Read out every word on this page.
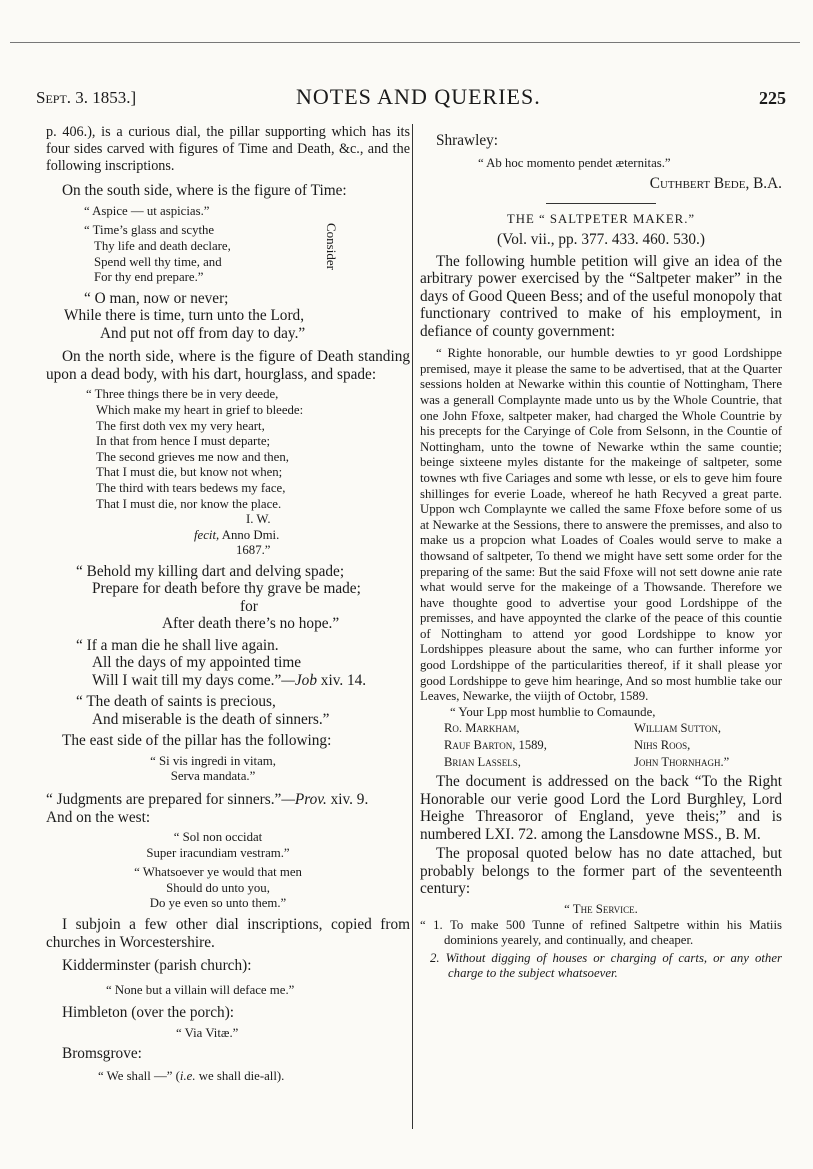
Sept. 3. 1853.]	NOTES AND QUERIES.	225

p. 406.), is a curious dial, the pillar supporting which has its four sides carved with figures of Time and Death, &c., and the following inscriptions.

On the south side, where is the figure of Time:

“ Aspice — ut aspicias.”
“ Time’s glass and scythe
Thy life and death declare,
Spend well thy time, and
For thy end prepare.”
Consider
“ O man, now or never;
While there is time, turn unto the Lord,
And put not off from day to day.”

On the north side, where is the figure of Death standing upon a dead body, with his dart, hourglass, and spade:

“ Three things there be in very deede,
Which make my heart in grief to bleede:
The first doth vex my very heart,
In that from hence I must departe;
The second grieves me now and then,
That I must die, but know not when;
The third with tears bedews my face,
That I must die, nor know the place.
I. W.
fecit, Anno Dmi.
1687.”
“ Behold my killing dart and delving spade;
Prepare for death before thy grave be made;
for
After death there’s no hope.”
“ If a man die he shall live again.
All the days of my appointed time
Will I wait till my days come.”—Job xiv. 14.
“ The death of saints is precious,
And miserable is the death of sinners.”

The east side of the pillar has the following:

“ Si vis ingredi in vitam,
Serva mandata.”

“ Judgments are prepared for sinners.”—Prov. xiv. 9.

And on the west:

“ Sol non occidat
Super iracundiam vestram.”
“ Whatsoever ye would that men
Should do unto you,
Do ye even so unto them.”

I subjoin a few other dial inscriptions, copied from churches in Worcestershire.

Kidderminster (parish church):

“ None but a villain will deface me.”

Himbleton (over the porch):

“ Via Vitæ.”

Bromsgrove:

“ We shall —” (i.e. we shall die-all).

Shrawley:

“ Ab hoc momento pendet æternitas.”

Cuthbert Bede, B.A.

THE “ SALTPETER MAKER.”

(Vol. vii., pp. 377. 433. 460. 530.)

The following humble petition will give an idea of the arbitrary power exercised by the “Saltpeter maker” in the days of Good Queen Bess; and of the useful monopoly that functionary contrived to make of his employment, in defiance of county government:

“ Righte honorable, our humble dewties to yr good Lordshippe premised, maye it please the same to be advertised, that at the Quarter sessions holden at Newarke within this countie of Nottingham, There was a generall Complaynte made unto us by the Whole Countrie, that one John Ffoxe, saltpeter maker, had charged the Whole Countrie by his precepts for the Caryinge of Cole from Selsonn, in the Countie of Nottingham, unto the towne of Newarke wthin the same countie; beinge sixteene myles distante for the makeinge of saltpeter, some townes wth five Cariages and some wth lesse, or els to geve him foure shillinges for everie Loade, whereof he hath Recyved a great parte. Uppon wch Complaynte we called the same Ffoxe before some of us at Newarke at the Sessions, there to answere the premisses, and also to make us a propcion what Loades of Coales would serve to make a thowsand of saltpeter, To thend we might have sett some order for the preparing of the same: But the said Ffoxe will not sett downe anie rate what would serve for the makeinge of a Thowsande. Therefore we have thoughte good to advertise your good Lordshippe of the premisses, and have appoynted the clarke of the peace of this countie of Nottingham to attend yor good Lordshippe to know yor Lordshippes pleasure about the same, who can further informe yor good Lordshippe of the particularities thereof, if it shall please yor good Lordshippe to geve him hearinge, And so most humblie take our Leaves, Newarke, the viijth of Octobr, 1589.

“ Your Lpp most humblie to Comaunde,

Ro. Markham,	William Sutton,
Rauf Barton, 1589,	Nihs Roos,
Brian Lassels,	John Thornhagh.”

The document is addressed on the back “To the Right Honorable our verie good Lord the Lord Burghley, Lord Heighe Threasoror of England, yeve theis;” and is numbered LXI. 72. among the Lansdowne MSS., B. M.

The proposal quoted below has no date attached, but probably belongs to the former part of the seventeenth century:

“ The Service.

“ 1. To make 500 Tunne of refined Saltpetre within his Matiis dominions yearely, and continually, and cheaper.

2. Without digging of houses or charging of carts, or any other charge to the subject whatsoever.
